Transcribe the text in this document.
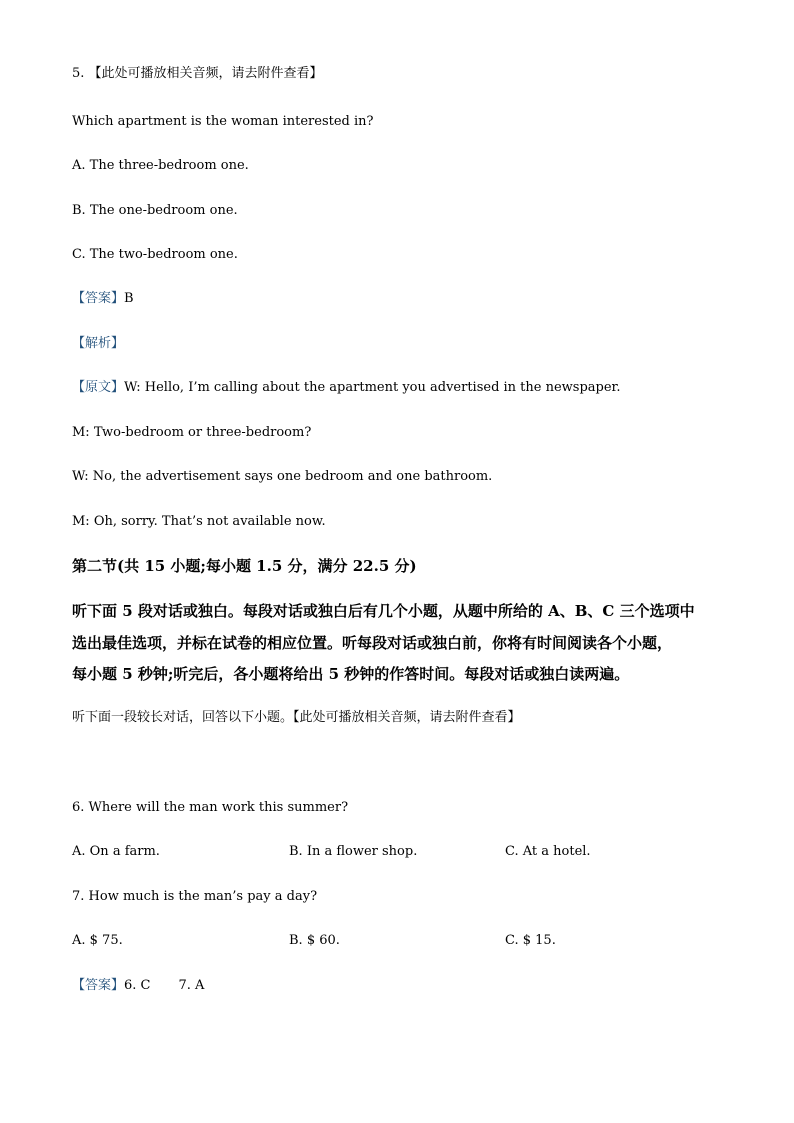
5. 【此处可播放相关音频，请去附件查看】

Which apartment is the woman interested in?

A. The three-bedroom one.

B. The one-bedroom one.

C. The two-bedroom one.

【答案】B

【解析】

【原文】W: Hello, I’m calling about the apartment you advertised in the newspaper.

M: Two-bedroom or three-bedroom?

W: No, the advertisement says one bedroom and one bathroom.

M: Oh, sorry. That’s not available now.

第二节(共 15 小题;每小题 1.5 分，满分 22.5 分)

听下面 5 段对话或独白。每段对话或独白后有几个小题，从题中所给的 A、B、C 三个选项中

选出最佳选项，并标在试卷的相应位置。听每段对话或独白前，你将有时间阅读各个小题，

每小题 5 秒钟;听完后，各小题将给出 5 秒钟的作答时间。每段对话或独白读两遍。

听下面一段较长对话，回答以下小题。【此处可播放相关音频，请去附件查看】

6. Where will the man work this summer?

A. On a farm.	B. In a flower shop.	C. At a hotel.

7. How much is the man’s pay a day?

A. $ 75.	B. $ 60.	C. $ 15.

【答案】6. C 7. A
